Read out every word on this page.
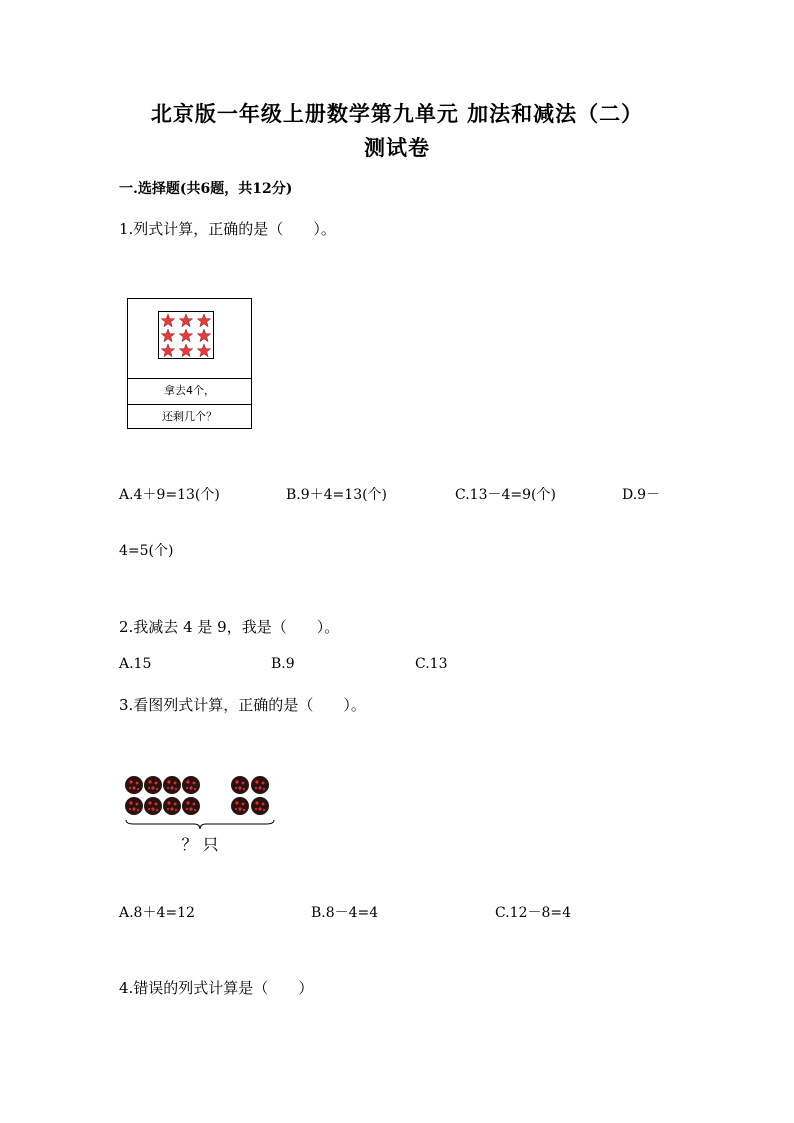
北京版一年级上册数学第九单元 加法和减法（二）
测试卷
一.选择题(共6题，共12分)
1.列式计算，正确的是（　　）。
拿去4个，
还剩几个？
A.4＋9=13(个)	B.9＋4=13(个)	C.13－4=9(个)	D.9－
4=5(个)
2.我减去 4 是 9，我是（　　）。
A.15	B.9	C.13
3.看图列式计算，正确的是（　　）。
？ 只
A.8＋4=12	B.8－4=4	C.12－8=4
4.错误的列式计算是（　　）
